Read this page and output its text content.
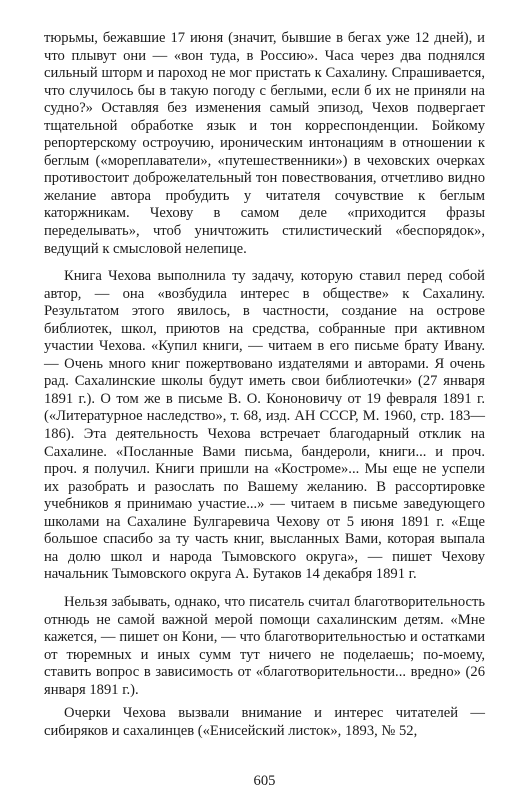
тюрьмы, бежавшие 17 июня (значит, бывшие в бегах уже 12 дней), и что плывут они — «вон туда, в Россию». Часа через два поднялся сильный шторм и пароход не мог пристать к Сахалину. Спрашивается, что случилось бы в такую погоду с беглыми, если б их не приняли на судно?» Оставляя без изменения самый эпизод, Чехов подвергает тщательной обработке язык и тон корреспонденции. Бойкому репортерскому остроучию, ироническим интонациям в отношении к беглым («мореплаватели», «путешественники») в чеховских очерках противостоит доброжелательный тон повествования, отчетливо видно желание автора пробудить у читателя сочувствие к беглым каторжникам. Чехову в самом деле «приходится фразы переделывать», чтоб уничтожить стилистический «беспорядок», ведущий к смысловой нелепице.

Книга Чехова выполнила ту задачу, которую ставил перед собой автор, — она «возбудила интерес в обществе» к Сахалину. Результатом этого явилось, в частности, создание на острове библиотек, школ, приютов на средства, собранные при активном участии Чехова. «Купил книги, — читаем в его письме брату Ивану. — Очень много книг пожертвовано издателями и авторами. Я очень рад. Сахалинские школы будут иметь свои библиотечки» (27 января 1891 г.). О том же в письме В. О. Кононовичу от 19 февраля 1891 г. («Литературное наследство», т. 68, изд. АН СССР, М. 1960, стр. 183—186). Эта деятельность Чехова встречает благодарный отклик на Сахалине. «Посланные Вами письма, бандероли, книги... и проч. проч. я получил. Книги пришли на «Костроме»... Мы еще не успели их разобрать и разослать по Вашему желанию. В рассортировке учебников я принимаю участие...» — читаем в письме заведующего школами на Сахалине Булгаревича Чехову от 5 июня 1891 г. «Еще большое спасибо за ту часть книг, высланных Вами, которая выпала на долю школ и народа Тымовского округа», — пишет Чехову начальник Тымовского округа А. Бутаков 14 декабря 1891 г.

Нельзя забывать, однако, что писатель считал благотворительность отнюдь не самой важной мерой помощи сахалинским детям. «Мне кажется, — пишет он Кони, — что благотворительностью и остатками от тюремных и иных сумм тут ничего не поделаешь; по-моему, ставить вопрос в зависимость от «благотворительности... вредно» (26 января 1891 г.).

Очерки Чехова вызвали внимание и интерес читателей — сибиряков и сахалинцев («Енисейский листок», 1893, № 52,

605
